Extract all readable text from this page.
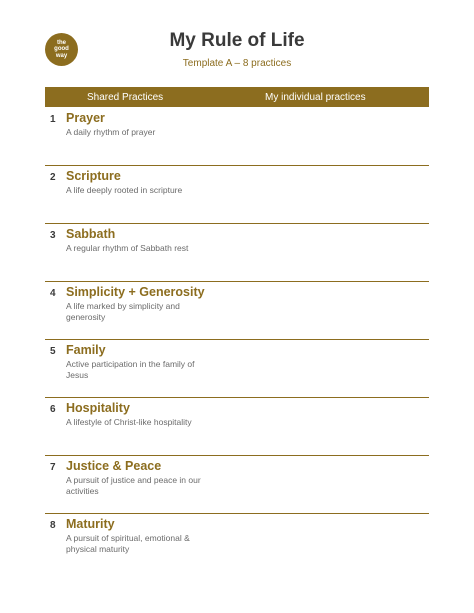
the
good
way
My Rule of Life
Template A – 8 practices
Shared Practices	My individual practices
1 Prayer
A daily rhythm of prayer
2 Scripture
A life deeply rooted in scripture
3 Sabbath
A regular rhythm of Sabbath rest
4 Simplicity + Generosity
A life marked by simplicity and generosity
5 Family
Active participation in the family of Jesus
6 Hospitality
A lifestyle of Christ-like hospitality
7 Justice & Peace
A pursuit of justice and peace in our activities
8 Maturity
A pursuit of spiritual, emotional & physical maturity
